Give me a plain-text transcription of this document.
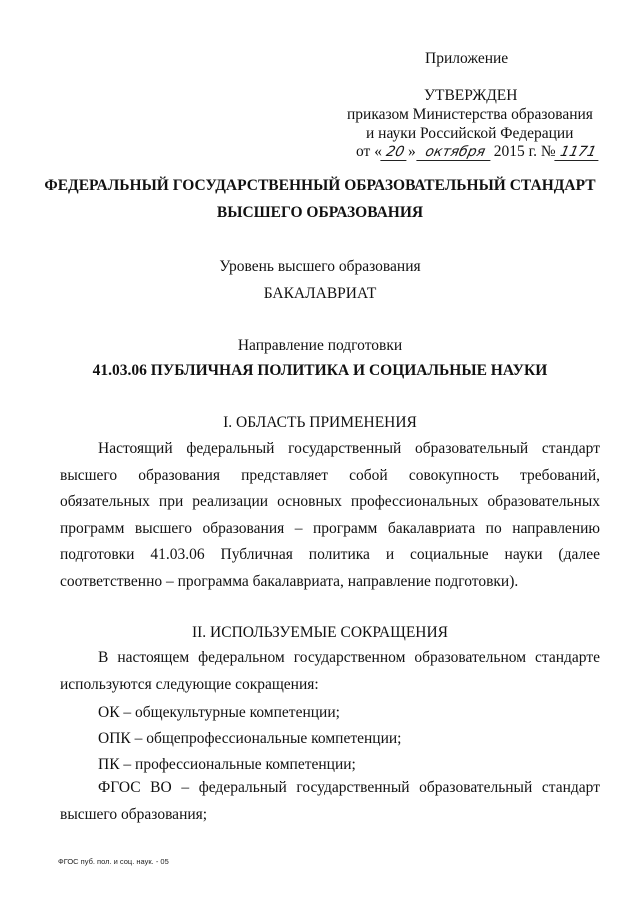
Приложение
УТВЕРЖДЕН
приказом Министерства образования
и науки Российской Федерации
от « 20 » октября 2015 г. № 1171
ФЕДЕРАЛЬНЫЙ ГОСУДАРСТВЕННЫЙ ОБРАЗОВАТЕЛЬНЫЙ СТАНДАРТ
ВЫСШЕГО ОБРАЗОВАНИЯ
Уровень высшего образования
БАКАЛАВРИАТ
Направление подготовки
41.03.06 ПУБЛИЧНАЯ ПОЛИТИКА И СОЦИАЛЬНЫЕ НАУКИ
I. ОБЛАСТЬ ПРИМЕНЕНИЯ
Настоящий федеральный государственный образовательный стандарт высшего образования представляет собой совокупность требований, обязательных при реализации основных профессиональных образовательных программ высшего образования – программ бакалавриата по направлению подготовки 41.03.06 Публичная политика и социальные науки (далее соответственно – программа бакалавриата, направление подготовки).
II. ИСПОЛЬЗУЕМЫЕ СОКРАЩЕНИЯ
В настоящем федеральном государственном образовательном стандарте используются следующие сокращения:
ОК – общекультурные компетенции;
ОПК – общепрофессиональные компетенции;
ПК – профессиональные компетенции;
ФГОС ВО – федеральный государственный образовательный стандарт высшего образования;
ФГОС пуб. пол. и соц. наук. - 05
